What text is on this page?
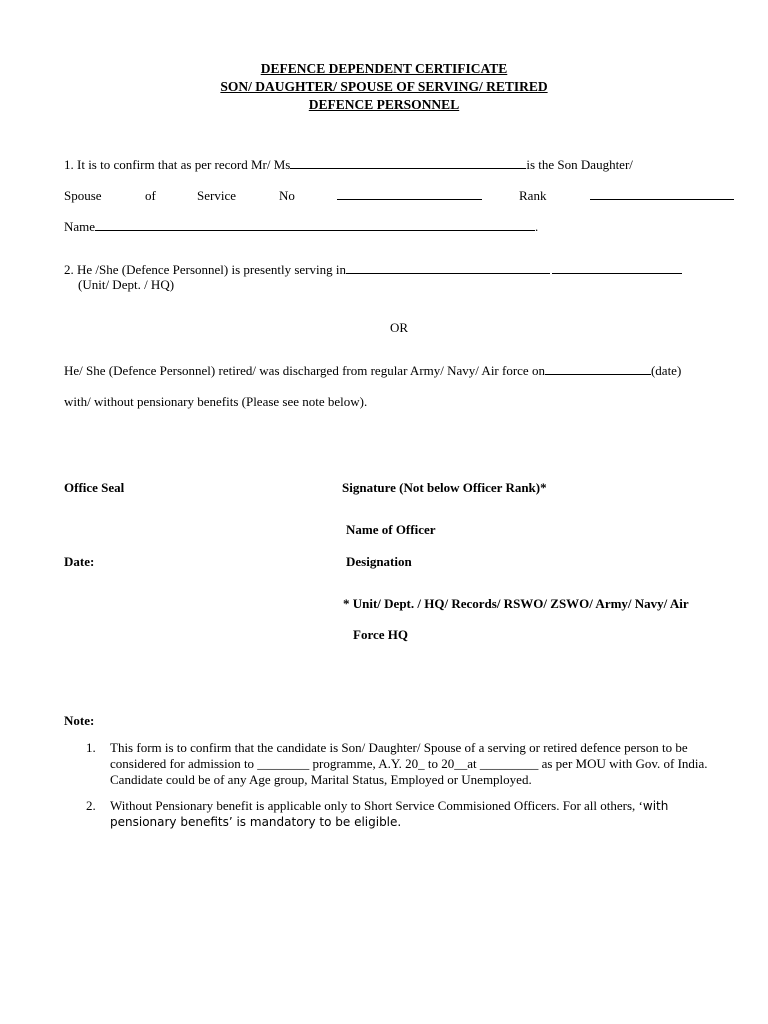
DEFENCE DEPENDENT CERTIFICATE
SON/ DAUGHTER/ SPOUSE OF SERVING/ RETIRED
DEFENCE PERSONNEL
1. It is to confirm that as per record Mr/ Ms	is the Son Daughter/
Spouse	of	Service	No	Rank
Name	.
2. He /She (Defence Personnel) is presently serving in
(Unit/ Dept. / HQ)
OR
He/ She (Defence Personnel) retired/ was discharged from regular Army/ Navy/ Air force on	(date)
with/ without pensionary benefits (Please see note below).
Office Seal	Signature (Not below Officer Rank)*
Name of Officer
Date:	Designation
* Unit/ Dept. / HQ/ Records/ RSWO/ ZSWO/ Army/ Navy/ Air
Force HQ
Note:
1. This form is to confirm that the candidate is Son/ Daughter/ Spouse of a serving or retired defence person to be considered for admission to ________ programme, A.Y. 20_ to 20__at _________ as per MOU with Gov. of India. Candidate could be of any Age group, Marital Status, Employed or Unemployed.
2. Without Pensionary benefit is applicable only to Short Service Commisioned Officers. For all others, ‘with pensionary benefits’ is mandatory to be eligible.
